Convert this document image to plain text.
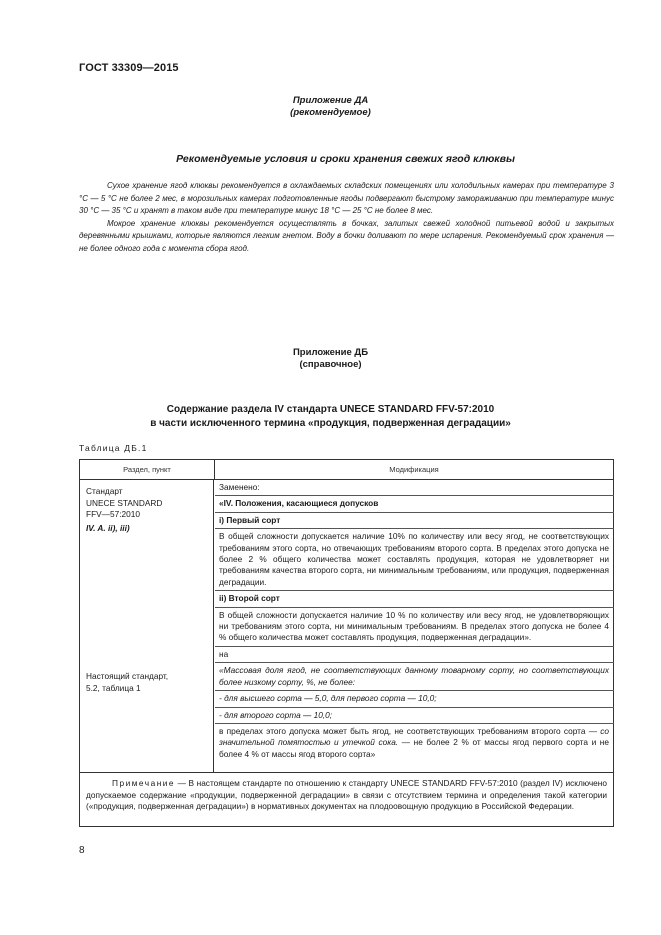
ГОСТ 33309—2015
Приложение ДА
(рекомендуемое)
Рекомендуемые условия и сроки хранения свежих ягод клюквы

Сухое хранение ягод клюквы рекомендуется в охлаждаемых складских помещениях или холодильных камерах при температуре 3 °С — 5 °С не более 2 мес, в морозильных камерах подготовленные ягоды подвергают быстрому замораживанию при температуре минус 30 °С — 35 °С и хранят в таком виде при температуре минус 18 °С — 25 °С не более 8 мес.

Мокрое хранение клюквы рекомендуется осуществлять в бочках, залитых свежей холодной питьевой водой и закрытых деревянными крышками, которые являются легким гнетом. Воду в бочки доливают по мере испарения. Рекомендуемый срок хранения — не более одного года с момента сбора ягод.

Приложение ДБ
(справочное)
Содержание раздела IV стандарта UNECE STANDARD FFV-57:2010
в части исключенного термина «продукция, подверженная деградации»
Таблица ДБ.1
Раздел, пункт	Модификация
Стандарт
UNECE STANDARD
FFV—57:2010
IV. A. ii), iii)
Настоящий стандарт,
5.2, таблица 1
Заменено:
«IV. Положения, касающиеся допусков
i) Первый сорт
В общей сложности допускается наличие 10% по количеству или весу ягод, не соответствующих требованиям этого сорта, но отвечающих требованиям второго сорта. В пределах этого допуска не более 2 % общего количества может составлять продукция, которая не удовлетворяет ни требованиям качества второго сорта, ни минимальным требованиям, или продукция, подверженная деградации.
ii) Второй сорт
В общей сложности допускается наличие 10 % по количеству или весу ягод, не удовлетворяющих ни требованиям этого сорта, ни минимальным требованиям. В пределах этого допуска не более 4 % общего количества может составлять продукция, подверженная деградации».
на
«Массовая доля ягод, не соответствующих данному товарному сорту, но соответствующих более низкому сорту, %, не более:
- для высшего сорта — 5,0, для первого сорта — 10,0;
- для второго сорта — 10,0;
в пределах этого допуска может быть ягод, не соответствующих требованиям второго сорта — со значительной помятостью и утечкой сока. — не более 2 % от массы ягод первого сорта и не более 4 % от массы ягод второго сорта»
Примечание — В настоящем стандарте по отношению к стандарту UNECE STANDARD FFV-57:2010 (раздел IV) исключено допускаемое содержание «продукции, подверженной деградации» в связи с отсутствием термина и определения такой категории («продукция, подверженная деградации») в нормативных документах на плодоовощную продукцию в Российской Федерации.
8
